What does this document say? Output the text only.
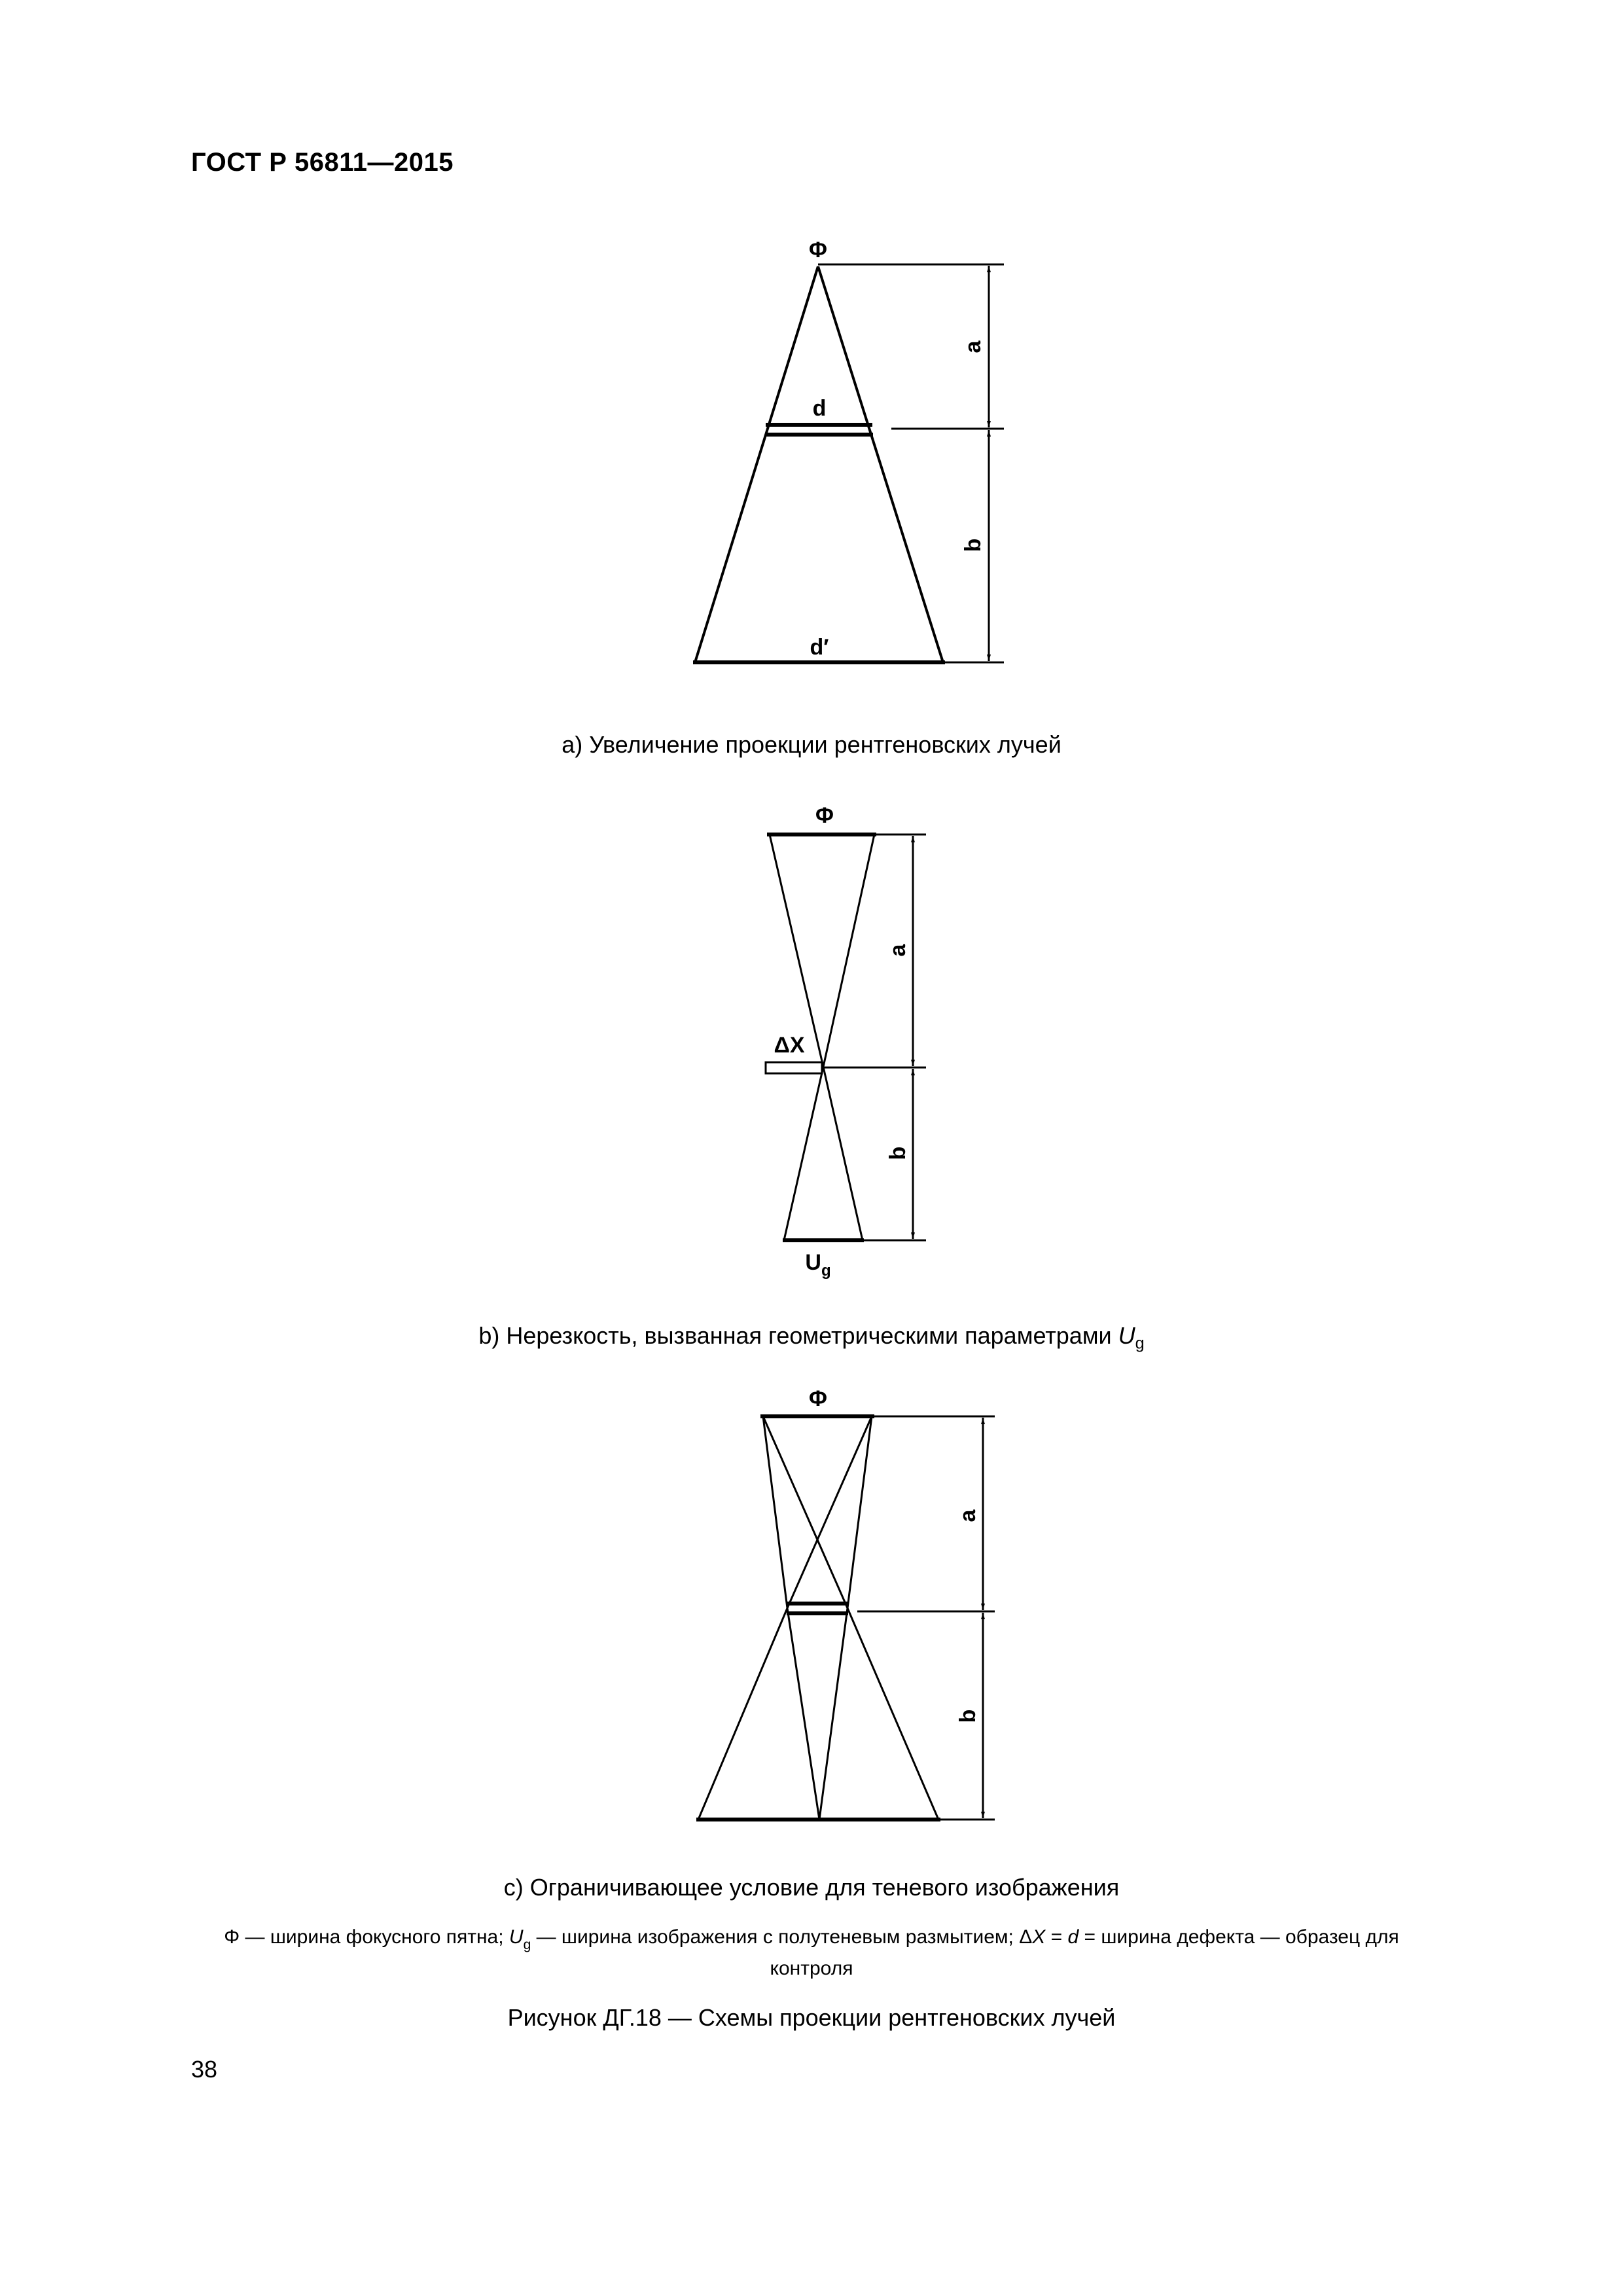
ГОСТ Р 56811—2015
Φ
d
d′
a
b
Φ
ΔX
$U_g$
a
b
Φ
a
b
a) Увеличение проекции рентгеновских лучей
b) Нерезкость, вызванная геометрическими параметрами $U_g$
c) Ограничивающее условие для теневого изображения
Φ — ширина фокусного пятна; $U_g$ — ширина изображения с полутеневым размытием; ΔX = d = ширина дефекта — образец для контроля
Рисунок ДГ.18 — Схемы проекции рентгеновских лучей
38
